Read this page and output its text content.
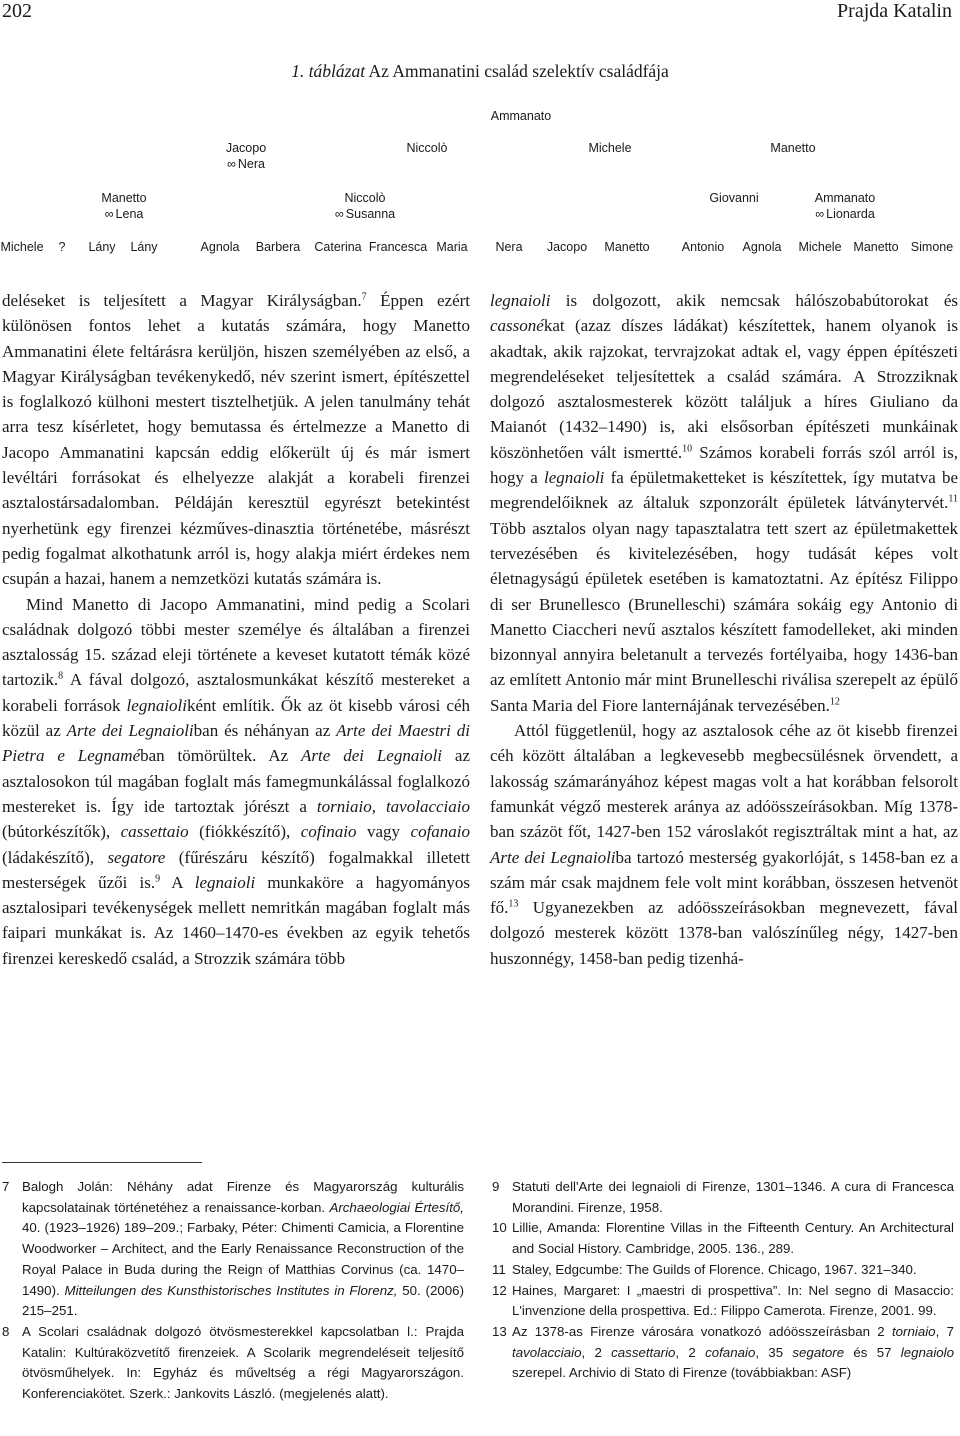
202	Prajda Katalin
1. táblázat Az Ammanatini család szelektív családfája
Ammanato
Jacopo
∞ Nera
Niccolò	Michele	Manetto
Manetto
∞ Lena
Niccolò
∞ Susanna
Giovanni	Ammanato
∞ Lionarda
Michele ? Lány Lány	Agnola Barbera Caterina Francesca Maria Nera Jacopo Manetto	Antonio Agnola Michele Manetto Simone

deléseket is teljesített a Magyar Királyságban.$^7$ Éppen ezért különösen fontos lehet a kutatás számára, hogy Manetto Ammanatini élete feltárásra kerüljön, hiszen személyében az első, a Magyar Királyságban tevékenykedő, név szerint ismert, építészettel is foglalkozó külhoni mestert tisztelhetjük. A jelen tanulmány tehát arra tesz kísérletet, hogy bemutassa és értelmezze a Manetto di Jacopo Ammanatini kapcsán eddig előkerült új és már ismert levéltári forrásokat és elhelyezze alakját a korabeli firenzei asztalostársadalomban. Példáján keresztül egyrészt betekintést nyerhetünk egy firenzei kézműves-dinasztia történetébe, másrészt pedig fogalmat alkothatunk arról is, hogy alakja miért érdekes nem csupán a hazai, hanem a nemzetközi kutatás számára is.

Mind Manetto di Jacopo Ammanatini, mind pedig a Scolari családnak dolgozó többi mester személye és általában a firenzei asztalosság 15. század eleji története a keveset kutatott témák közé tartozik.$^8$ A fával dolgozó, asztalosmunkákat készítő mestereket a korabeli források legnaioliként említik. Ők az öt kisebb városi céh közül az Arte dei Legnaioliban és néhányan az Arte dei Maestri di Pietra e Legnaméban tömörültek. Az Arte dei Legnaioli az asztalosokon túl magában foglalt más famegmunkálással foglalkozó mestereket is. Így ide tartoztak jórészt a torniaio, tavolacciaio (bútorkészítők), cassettaio (fiókkészítő), cofinaio vagy cofanaio (ládakészítő), segatore (fűrészáru készítő) fogalmakkal illetett mesterségek űzői is.$^9$ A legnaioli munkaköre a hagyományos asztalosipari tevékenységek mellett nemritkán magában foglalt más faipari munkákat is. Az 1460–1470-es években az egyik tehetős firenzei kereskedő család, a Strozzik számára több

legnaioli is dolgozott, akik nemcsak hálószobabútorokat és cassonékat (azaz díszes ládákat) készítettek, hanem olyanok is akadtak, akik rajzokat, tervrajzokat adtak el, vagy éppen építészeti megrendeléseket teljesítettek a család számára. A Strozziknak dolgozó asztalosmesterek között találjuk a híres Giuliano da Maianót (1432–1490) is, aki elsősorban építészeti munkáinak köszönhetően vált ismertté.$^{10}$ Számos korabeli forrás szól arról is, hogy a legnaioli fa épületmaketteket is készítettek, így mutatva be megrendelőiknek az általuk szponzorált épületek látványtervét.$^{11}$ Több asztalos olyan nagy tapasztalatra tett szert az épületmakettek tervezésében és kivitelezésében, hogy tudását képes volt életnagyságú épületek esetében is kamatoztatni. Az építész Filippo di ser Brunellesco (Brunelleschi) számára sokáig egy Antonio di Manetto Ciaccheri nevű asztalos készített famodelleket, aki minden bizonnyal annyira beletanult a tervezés fortélyaiba, hogy 1436-ban az említett Antonio már mint Brunelleschi riválisa szerepelt az épülő Santa Maria del Fiore lanternájának tervezésében.$^{12}$

Attól függetlenül, hogy az asztalosok céhe az öt kisebb firenzei céh között általában a legkevesebb megbecsülésnek örvendett, a lakosság számarányához képest magas volt a hat korábban felsorolt famunkát végző mesterek aránya az adóösszeírásokban. Míg 1378-ban százöt főt, 1427-ben 152 városlakót regisztráltak mint a hat, az Arte dei Legnaioliba tartozó mesterség gyakorlóját, s 1458-ban ez a szám már csak majdnem fele volt mint korábban, összesen hetvenöt fő.$^{13}$ Ugyanezekben az adóösszeírásokban megnevezett, fával dolgozó mesterek között 1378-ban valószínűleg négy, 1427-ben huszonnégy, 1458-ban pedig tizenhá-

7 Balogh Jolán: Néhány adat Firenze és Magyarország kulturális kapcsolatainak történetéhez a renaissance-korban. Archaeologiai Értesítő, 40. (1923–1926) 189–209.; Farbaky, Péter: Chimenti Camicia, a Florentine Woodworker – Architect, and the Early Renaissance Reconstruction of the Royal Palace in Buda during the Reign of Matthias Corvinus (ca. 1470–1490). Mitteilungen des Kunsthistorisches Institutes in Florenz, 50. (2006) 215–251.

8 A Scolari családnak dolgozó ötvösmesterekkel kapcsolatban l.: Prajda Katalin: Kultúraközvetítő firenzeiek. A Scolarik megrendeléseit teljesítő ötvösműhelyek. In: Egyház és műveltség a régi Magyarországon. Konferenciakötet. Szerk.: Jankovits László. (megjelenés alatt).

9 Statuti dell'Arte dei legnaioli di Firenze, 1301–1346. A cura di Francesca Morandini. Firenze, 1958.

10 Lillie, Amanda: Florentine Villas in the Fifteenth Century. An Architectural and Social History. Cambridge, 2005. 136., 289.

11 Staley, Edgcumbe: The Guilds of Florence. Chicago, 1967. 321–340.

12 Haines, Margaret: I „maestri di prospettiva”. In: Nel segno di Masaccio: L'invenzione della prospettiva. Ed.: Filippo Camerota. Firenze, 2001. 99.

13 Az 1378-as Firenze városára vonatkozó adóösszeírásban 2 torniaio, 7 tavolacciaio, 2 cassettario, 2 cofanaio, 35 segatore és 57 legnaiolo szerepel. Archivio di Stato di Firenze (továbbiakban: ASF)
